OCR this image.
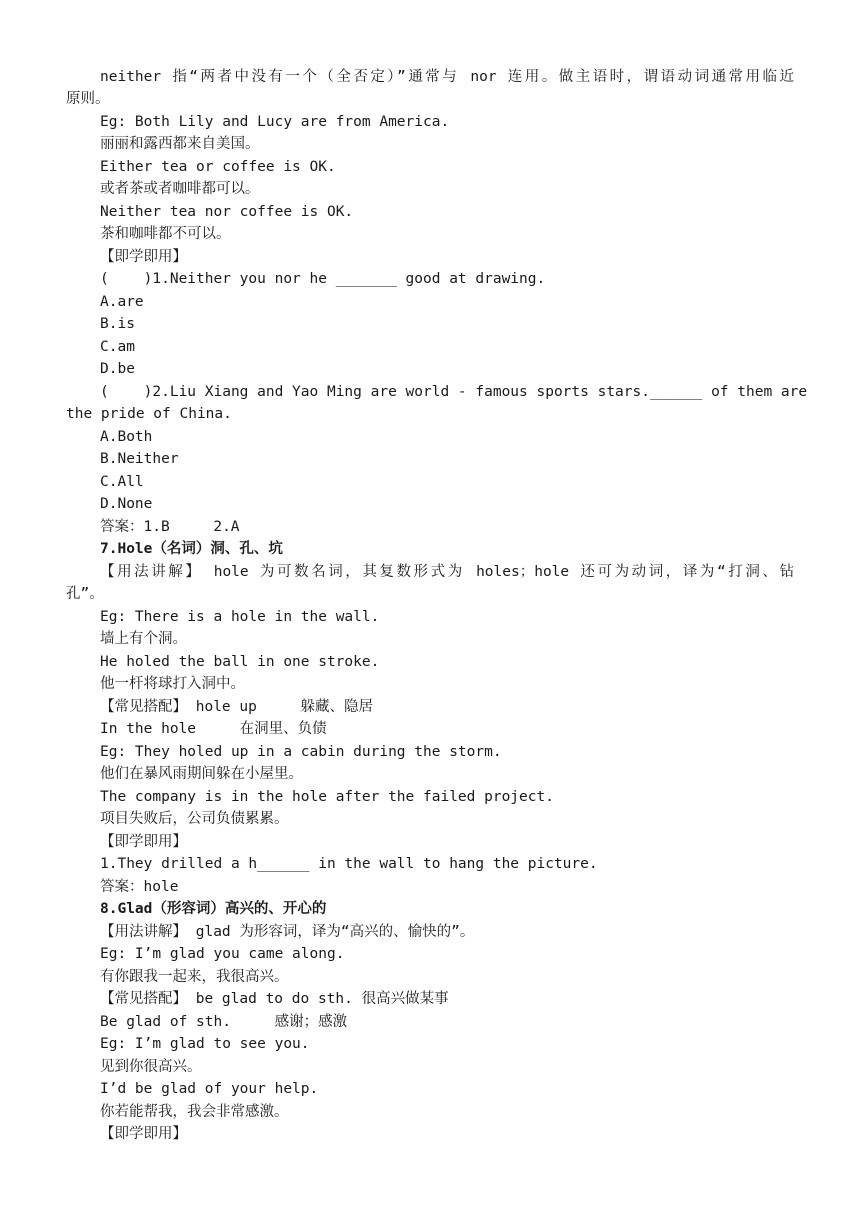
neither 指“两者中没有一个（全否定）”通常与 nor 连用。做主语时，谓语动词通常用临近
原则。
Eg: Both Lily and Lucy are from America.
丽丽和露西都来自美国。
Either tea or coffee is OK.
或者茶或者咖啡都可以。
Neither tea nor coffee is OK.
茶和咖啡都不可以。
【即学即用】
(    )1.Neither you nor he _______ good at drawing.
A.are
B.is
C.am
D.be
(    )2.Liu Xiang and Yao Ming are world - famous sports stars.______ of them are
the pride of China.
A.Both
B.Neither
C.All
D.None
答案：1.B     2.A
7.Hole（名词）洞、孔、坑
【用法讲解】 hole 为可数名词，其复数形式为 holes；hole 还可为动词，译为“打洞、钻
孔”。
Eg: There is a hole in the wall.
墙上有个洞。
He holed the ball in one stroke.
他一杆将球打入洞中。
【常见搭配】 hole up     躲藏、隐居
In the hole     在洞里、负债
Eg: They holed up in a cabin during the storm.
他们在暴风雨期间躲在小屋里。
The company is in the hole after the failed project.
项目失败后，公司负债累累。
【即学即用】
1.They drilled a h______ in the wall to hang the picture.
答案：hole
8.Glad（形容词）高兴的、开心的
【用法讲解】 glad 为形容词，译为“高兴的、愉快的”。
Eg: I’m glad you came along.
有你跟我一起来，我很高兴。
【常见搭配】 be glad to do sth. 很高兴做某事
Be glad of sth.     感谢；感激
Eg: I’m glad to see you.
见到你很高兴。
I’d be glad of your help.
你若能帮我，我会非常感激。
【即学即用】
